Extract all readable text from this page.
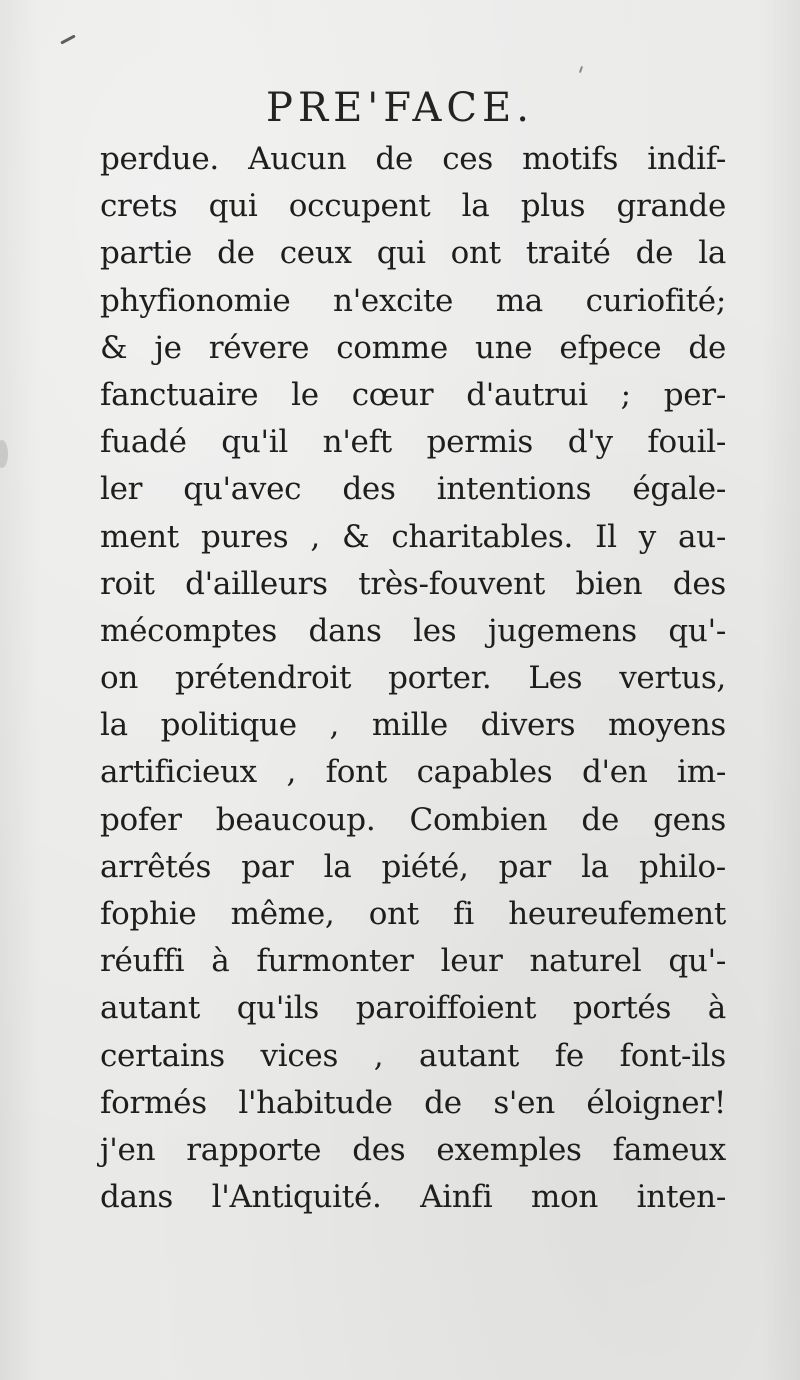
PRE'FACE.
perdue. Aucun de ces motifs indif-
crets qui occupent la plus grande
partie de ceux qui ont traité de la
phyfionomie n'excite ma curiofité;
& je révere comme une efpece de
fanctuaire le cœur d'autrui ; per-
fuadé qu'il n'eft permis d'y fouil-
ler qu'avec des intentions égale-
ment pures , & charitables. Il y au-
roit d'ailleurs très-fouvent bien des
mécomptes dans les jugemens qu'-
on prétendroit porter. Les vertus,
la politique , mille divers moyens
artificieux , font capables d'en im-
pofer beaucoup. Combien de gens
arrêtés par la piété, par la philo-
fophie même, ont fi heureufement
réuffi à furmonter leur naturel qu'-
autant qu'ils paroiffoient portés à
certains vices , autant fe font-ils
formés l'habitude de s'en éloigner!
j'en rapporte des exemples fameux
dans l'Antiquité. Ainfi mon inten-
